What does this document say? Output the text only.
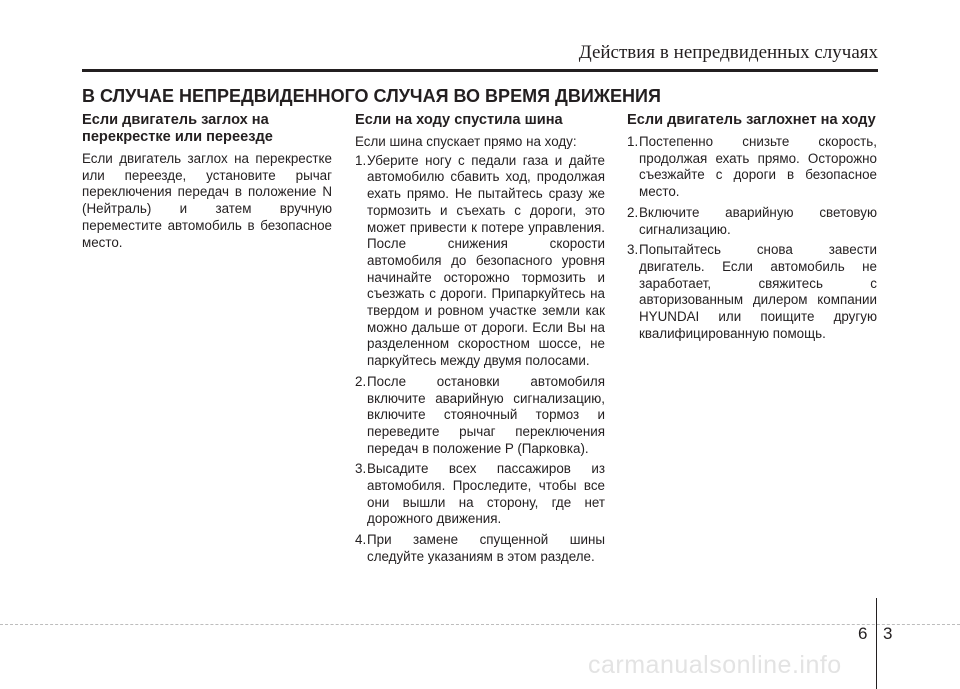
Действия в непредвиденных случаях
В СЛУЧАЕ НЕПРЕДВИДЕННОГО СЛУЧАЯ ВО ВРЕМЯ ДВИЖЕНИЯ
Если двигатель заглох на перекрестке или переезде

Если двигатель заглох на перекрестке или переезде, установите рычаг переключения передач в положение N (Нейтраль) и затем вручную переместите автомобиль в безопасное место.

Если на ходу спустила шина

Если шина спускает прямо на ходу:

1. Уберите ногу с педали газа и дайте автомобилю сбавить ход, продолжая ехать прямо. Не пытайтесь сразу же тормозить и съехать с дороги, это может привести к потере управления. После снижения скорости автомобиля до безопасного уровня начинайте осторожно тормозить и съезжать с дороги. Припаркуйтесь на твердом и ровном участке земли как можно дальше от дороги. Если Вы на разделенном скоростном шоссе, не паркуйтесь между двумя полосами.
2. После остановки автомобиля включите аварийную сигнализацию, включите стояночный тормоз и переведите рычаг переключения передач в положение P (Парковка).
3. Высадите всех пассажиров из автомобиля. Проследите, чтобы все они вышли на сторону, где нет дорожного движения.
4. При замене спущенной шины следуйте указаниям в этом разделе.
Если двигатель заглохнет на ходу
1. Постепенно снизьте скорость, продолжая ехать прямо. Осторожно съезжайте с дороги в безопасное место.
2. Включите аварийную световую сигнализацию.
3. Попытайтесь снова завести двигатель. Если автомобиль не заработает, свяжитесь с авторизованным дилером компании HYUNDAI или поищите другую квалифицированную помощь.
6 3
carmanualsonline.info
